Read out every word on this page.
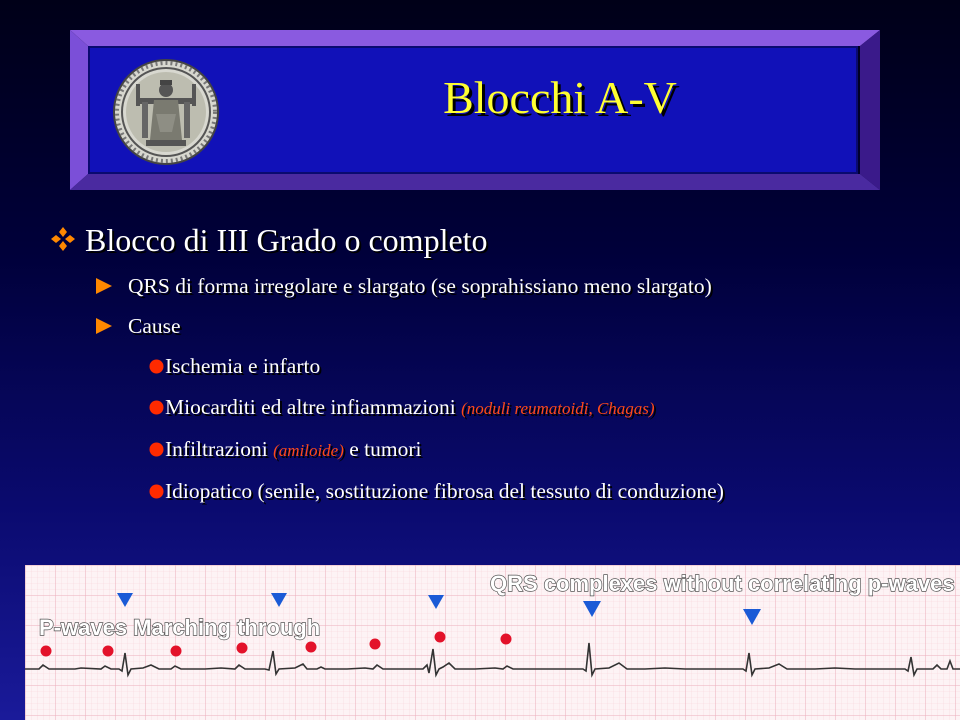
Blocchi A-V
Blocco di III Grado o completo
QRS di forma irregolare e slargato (se soprahissiano meno slargato)
Cause
Ischemia e infarto
Miocarditi ed altre infiammazioni (noduli reumatoidi, Chagas)
Infiltrazioni (amiloide) e tumori
Idiopatico (senile, sostituzione fibrosa del tessuto di conduzione)
QRS complexes without correlating p-waves
P-waves Marching through
